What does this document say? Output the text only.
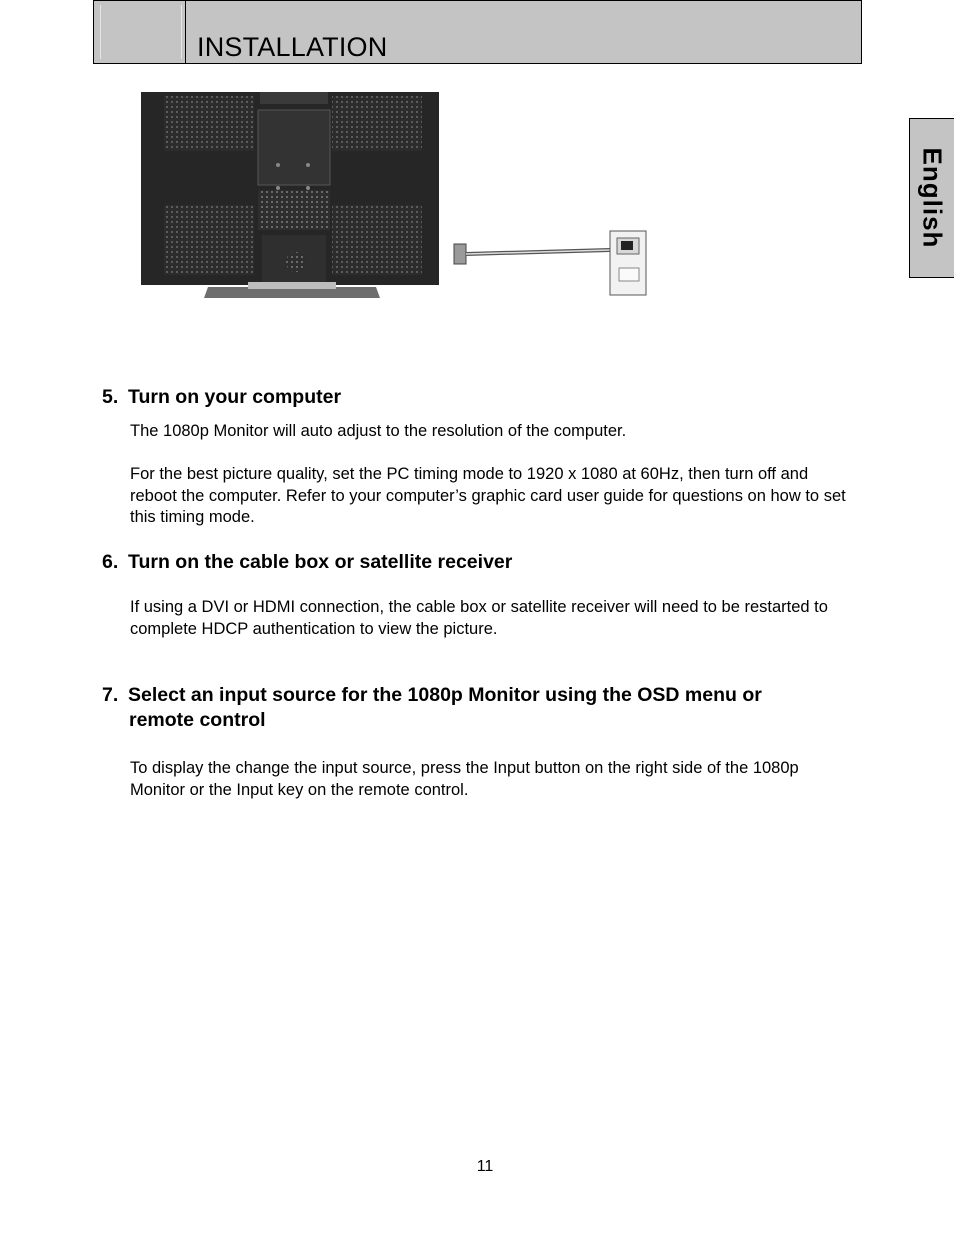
INSTALLATION
English
5. Turn on your computer
The 1080p Monitor will auto adjust to the resolution of the computer.
For the best picture quality, set the PC timing mode to 1920 x 1080 at 60Hz, then turn off and reboot the computer. Refer to your computer’s graphic card user guide for questions on how to set this timing mode.
6. Turn on the cable box or satellite receiver
If using a DVI or HDMI connection, the cable box or satellite receiver will need to be restarted to complete HDCP authentication to view the picture.
7. Select an input source for the 1080p Monitor using the OSD menu or
remote control
To display the change the input source, press the Input button on the right side of the 1080p Monitor or the Input key on the remote control.
11
